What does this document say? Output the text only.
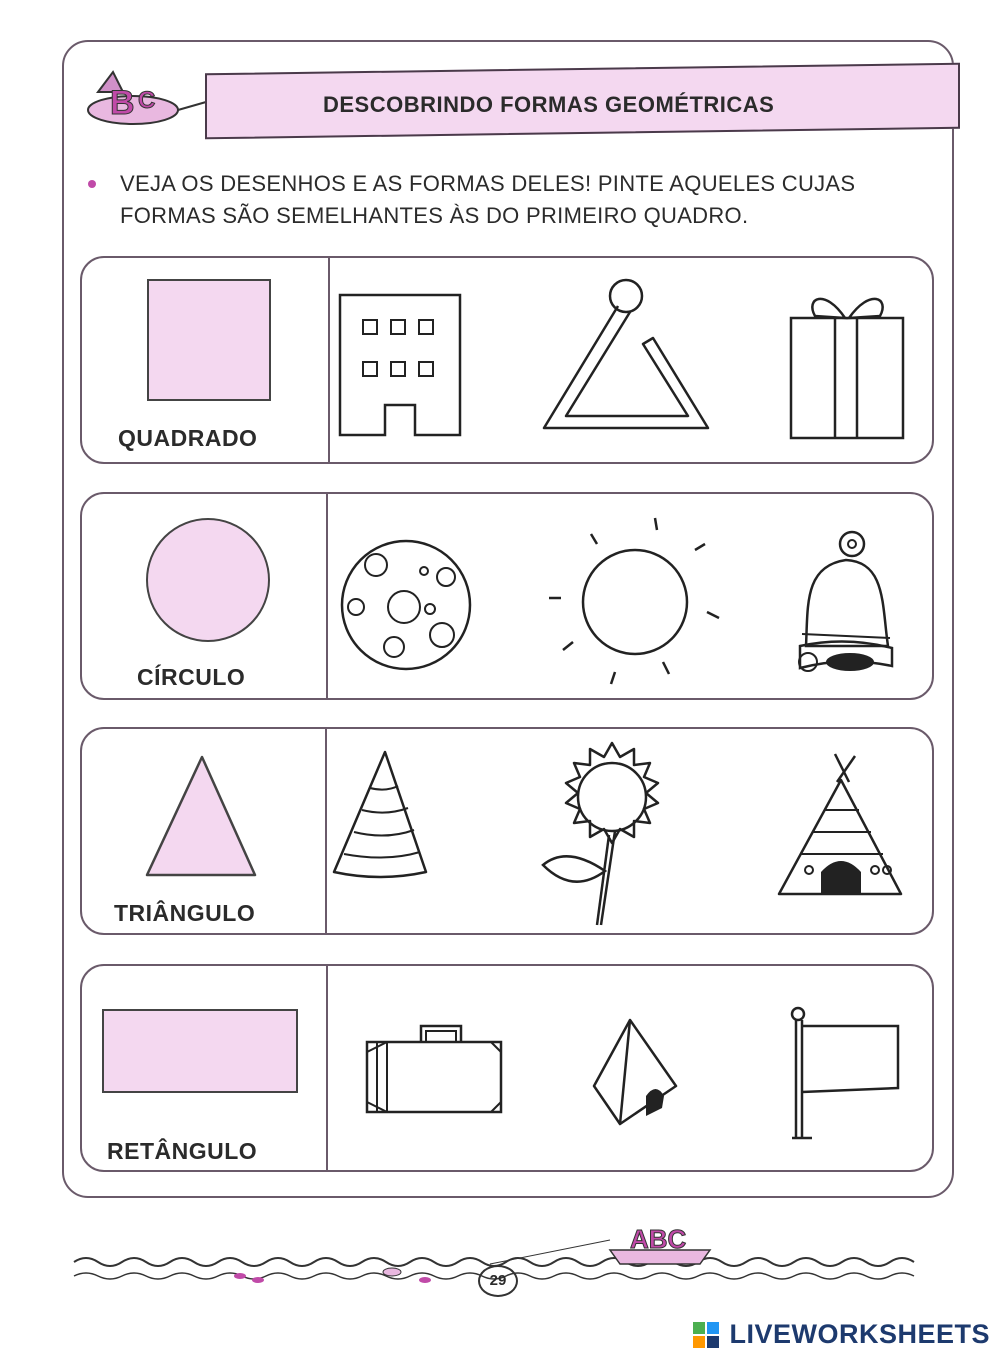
B C	DESCOBRINDO FORMAS GEOMÉTRICAS
VEJA OS DESENHOS E AS FORMAS DELES! PINTE AQUELES CUJAS
FORMAS SÃO SEMELHANTES ÀS DO PRIMEIRO QUADRO.
QUADRADO
CÍRCULO
TRIÂNGULO
RETÂNGULO
ABC
29
LIVEWORKSHEETS
